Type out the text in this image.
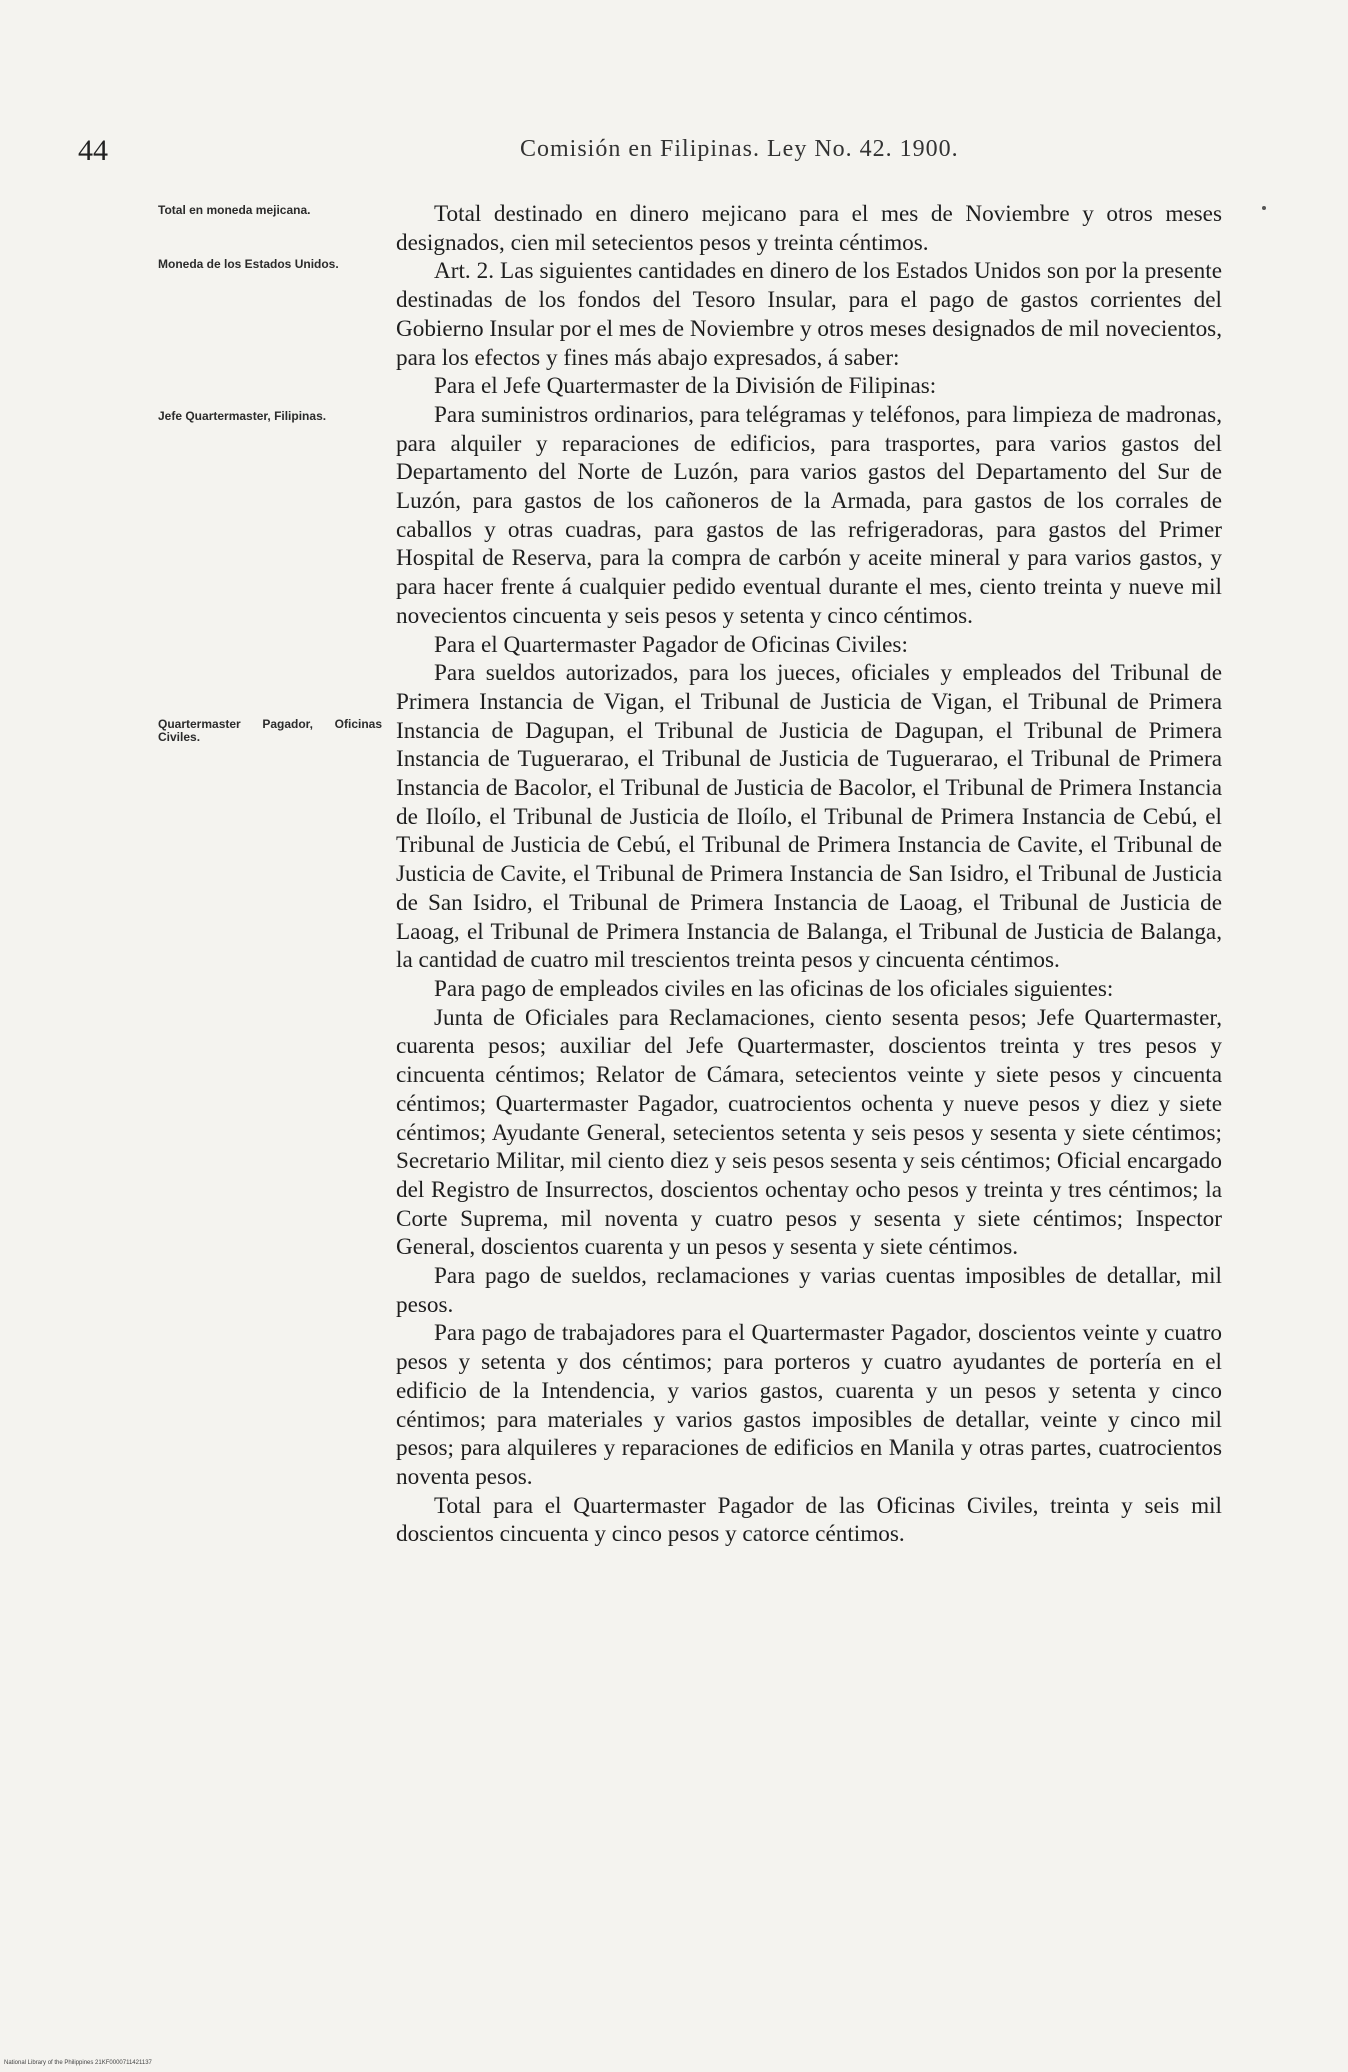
44	Comisión en Filipinas. Ley No. 42. 1900.
Total en moneda mejicana.
Moneda de los Estados Unidos.
Jefe Quartermaster, Filipinas.
Quartermaster Pagador, Oficinas Civiles.

Total destinado en dinero mejicano para el mes de Noviembre y otros meses designados, cien mil setecientos pesos y treinta céntimos.

Art. 2. Las siguientes cantidades en dinero de los Estados Unidos son por la presente destinadas de los fondos del Tesoro Insular, para el pago de gastos corrientes del Gobierno Insular por el mes de Noviembre y otros meses designados de mil novecientos, para los efectos y fines más abajo expresados, á saber:

Para el Jefe Quartermaster de la División de Filipinas:

Para suministros ordinarios, para telégramas y teléfonos, para limpieza de madronas, para alquiler y reparaciones de edificios, para trasportes, para varios gastos del Departamento del Norte de Luzón, para varios gastos del Departamento del Sur de Luzón, para gastos de los cañoneros de la Armada, para gastos de los corrales de caballos y otras cuadras, para gastos de las refrigeradoras, para gastos del Primer Hospital de Reserva, para la compra de carbón y aceite mineral y para varios gastos, y para hacer frente á cualquier pedido eventual durante el mes, ciento treinta y nueve mil novecientos cincuenta y seis pesos y setenta y cinco céntimos.

Para el Quartermaster Pagador de Oficinas Civiles:

Para sueldos autorizados, para los jueces, oficiales y empleados del Tribunal de Primera Instancia de Vigan, el Tribunal de Justicia de Vigan, el Tribunal de Primera Instancia de Dagupan, el Tribunal de Justicia de Dagupan, el Tribunal de Primera Instancia de Tuguerarao, el Tribunal de Justicia de Tuguerarao, el Tribunal de Primera Instancia de Bacolor, el Tribunal de Justicia de Bacolor, el Tribunal de Primera Instancia de Iloílo, el Tribunal de Justicia de Iloílo, el Tribunal de Primera Instancia de Cebú, el Tribunal de Justicia de Cebú, el Tribunal de Primera Instancia de Cavite, el Tribunal de Justicia de Cavite, el Tribunal de Primera Instancia de San Isidro, el Tribunal de Justicia de San Isidro, el Tribunal de Primera Instancia de Laoag, el Tribunal de Justicia de Laoag, el Tribunal de Primera Instancia de Balanga, el Tribunal de Justicia de Balanga, la cantidad de cuatro mil trescientos treinta pesos y cincuenta céntimos.

Para pago de empleados civiles en las oficinas de los oficiales siguientes:

Junta de Oficiales para Reclamaciones, ciento sesenta pesos; Jefe Quartermaster, cuarenta pesos; auxiliar del Jefe Quartermaster, doscientos treinta y tres pesos y cincuenta céntimos; Relator de Cámara, setecientos veinte y siete pesos y cincuenta céntimos; Quartermaster Pagador, cuatrocientos ochenta y nueve pesos y diez y siete céntimos; Ayudante General, setecientos setenta y seis pesos y sesenta y siete céntimos; Secretario Militar, mil ciento diez y seis pesos sesenta y seis céntimos; Oficial encargado del Registro de Insurrectos, doscientos ochentay ocho pesos y treinta y tres céntimos; la Corte Suprema, mil noventa y cuatro pesos y sesenta y siete céntimos; Inspector General, doscientos cuarenta y un pesos y sesenta y siete céntimos.

Para pago de sueldos, reclamaciones y varias cuentas imposibles de detallar, mil pesos.

Para pago de trabajadores para el Quartermaster Pagador, doscientos veinte y cuatro pesos y setenta y dos céntimos; para porteros y cuatro ayudantes de portería en el edificio de la Intendencia, y varios gastos, cuarenta y un pesos y setenta y cinco céntimos; para materiales y varios gastos imposibles de detallar, veinte y cinco mil pesos; para alquileres y reparaciones de edificios en Manila y otras partes, cuatrocientos noventa pesos.

Total para el Quartermaster Pagador de las Oficinas Civiles, treinta y seis mil doscientos cincuenta y cinco pesos y catorce céntimos.

National Library of the Philippines 21KF0000711421137
